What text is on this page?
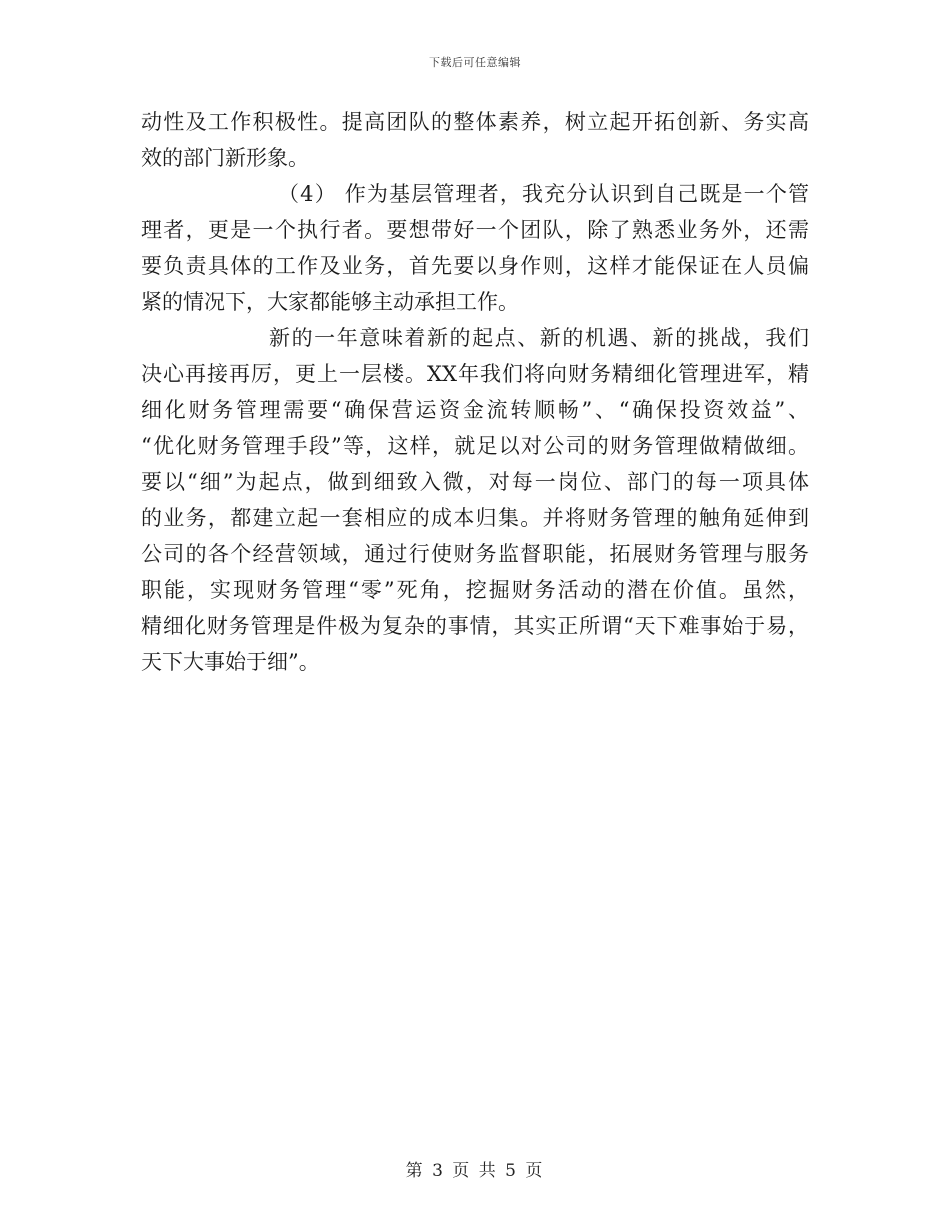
下载后可任意编辑
动性及工作积极性。提高团队的整体素养，树立起开拓创新、务实高
效的部门新形象。
（4） 作为基层管理者，我充分认识到自己既是一个管
理者，更是一个执行者。要想带好一个团队，除了熟悉业务外，还需
要负责具体的工作及业务，首先要以身作则，这样才能保证在人员偏
紧的情况下，大家都能够主动承担工作。
新的一年意味着新的起点、新的机遇、新的挑战，我们
决心再接再厉，更上一层楼。XX年我们将向财务精细化管理进军，精
细化财务管理需要“确保营运资金流转顺畅”、“确保投资效益”、
“优化财务管理手段”等，这样，就足以对公司的财务管理做精做细。
要以“细”为起点，做到细致入微，对每一岗位、部门的每一项具体
的业务，都建立起一套相应的成本归集。并将财务管理的触角延伸到
公司的各个经营领域，通过行使财务监督职能，拓展财务管理与服务
职能，实现财务管理“零”死角，挖掘财务活动的潜在价值。虽然，
精细化财务管理是件极为复杂的事情，其实正所谓“天下难事始于易，
天下大事始于细”。
第 3 页 共 5 页
